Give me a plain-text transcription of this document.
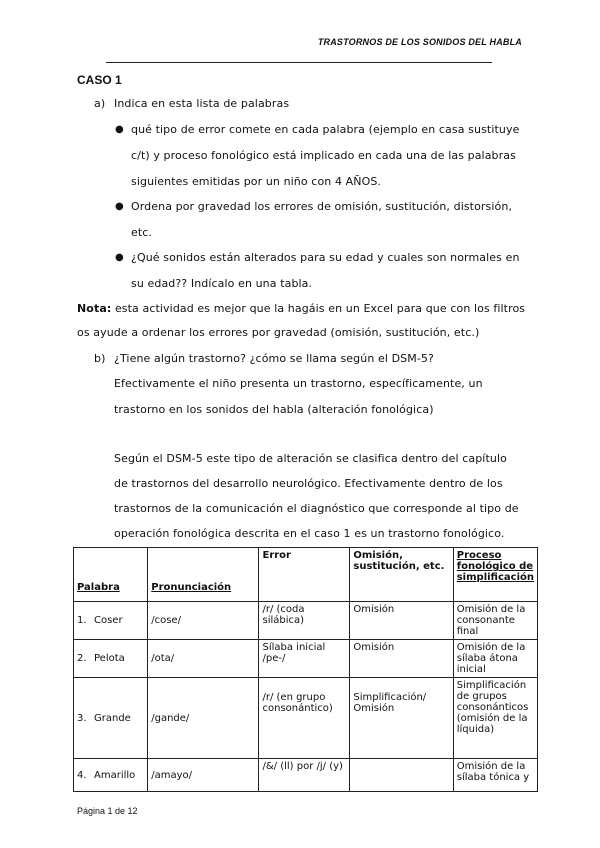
TRASTORNOS DE LOS SONIDOS DEL HABLA
CASO 1
a) Indica en esta lista de palabras
● qué tipo de error comete en cada palabra (ejemplo en casa sustituye
c/t) y proceso fonológico está implicado en cada una de las palabras
siguientes emitidas por un niño con 4 AÑOS.
● Ordena por gravedad los errores de omisión, sustitución, distorsión,
etc.
● ¿Qué sonidos están alterados para su edad y cuales son normales en
su edad?? Indícalo en una tabla.
Nota: esta actividad es mejor que la hagáis en un Excel para que con los filtros
os ayude a ordenar los errores por gravedad (omisión, sustitución, etc.)
b) ¿Tiene algún trastorno? ¿cómo se llama según el DSM-5?
Efectivamente el niño presenta un trastorno, específicamente, un
trastorno en los sonidos del habla (alteración fonológica)
Según el DSM-5 este tipo de alteración se clasifica dentro del capítulo
de trastornos del desarrollo neurológico. Efectivamente dentro de los
trastornos de la comunicación el diagnóstico que corresponde al tipo de
operación fonológica descrita en el caso 1 es un trastorno fonológico.
Palabra	Pronunciación	Error	Omisión, sustitución, etc.	Proceso fonológico de simplificación
1. Coser	/cose/	/r/ (coda silábica)	Omisión	Omisión de la consonante final
2. Pelota	/ota/	Sílaba inicial /pe-/	Omisión	Omisión de la sílaba átona inicial
3. Grande	/gande/	/r/ (en grupo consonántico)	Simplificación/ Omisión	Simplificación de grupos consonánticos (omisión de la líquida)
4. Amarillo	/amayo/	/&/ (ll) por /j/ (y)		Omisión de la sílaba tónica y
Página 1 de 12
